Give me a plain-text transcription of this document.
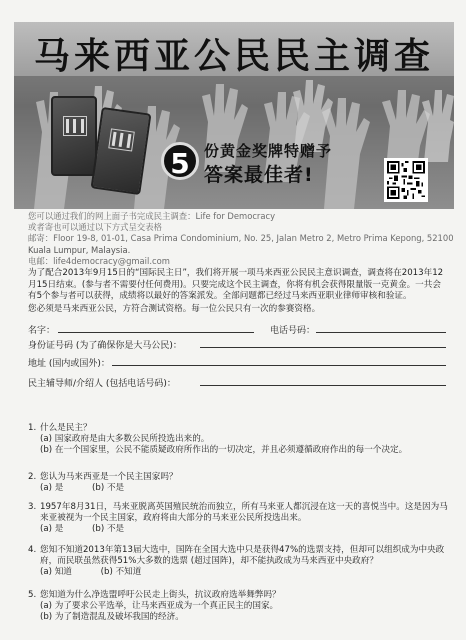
马来西亚公民民主调查
5 份黄金奖牌特赠予
答案最佳者!
您可以通过我们的网上面子书完成民主调查：Life for Democracy
或者寄也可以通过以下方式呈交表格
邮寄：Floor 19-8, 01-01, Casa Prima Condominium, No. 25, Jalan Metro 2, Metro Prima Kepong, 52100
Kuala Lumpur, Malaysia.
电邮：life4democracy@gmail.com

为了配合2013年9月15日的“国际民主日”，我们将开展一项马来西亚公民民主意识调查，调查将在2013年12月15日结束。(参与者不需要付任何费用)。只要完成这个民主调查，你将有机会获得限量版一克黄金。一共会有5个参与者可以获得，成绩将以最好的答案派发。全部问题都已经过马来西亚职业律师审核和验证。

您必须是马来西亚公民，方符合测试资格。每一位公民只有一次的参赛资格。

名字：	电话号码：
身份证号码 (为了确保你是大马公民)：
地址 (国内或国外)：
民主辅导师/介绍人 (包括电话号码)：
1. 什么是民主？
(a) 国家政府是由大多数公民所投选出来的。
(b) 在一个国家里，公民不能质疑政府所作出的一切决定，并且必须遵循政府作出的每一个决定。
2. 您认为马来西亚是一个民主国家吗？
(a) 是	(b) 不是
3. 1957年8月31日，马来亚脱离英国殖民统治而独立，所有马来亚人都沉浸在这一天的喜悦当中。这是因为马来亚被视为一个民主国家，政府将由大部分的马来亚公民所投选出来。
(a) 是	(b) 不是
4. 您知不知道2013年第13届大选中，国阵在全国大选中只是获得47%的选票支持，但却可以组织成为中央政府，而民联虽然获得51%大多数的选票 (超过国阵)，却不能执政成为马来西亚中央政府？
(a) 知道	(b) 不知道
5. 您知道为什么净选盟呼吁公民走上街头，抗议政府选举舞弊吗？
(a) 为了要求公平选举，让马来西亚成为一个真正民主的国家。
(b) 为了制造混乱及破坏我国的经济。
